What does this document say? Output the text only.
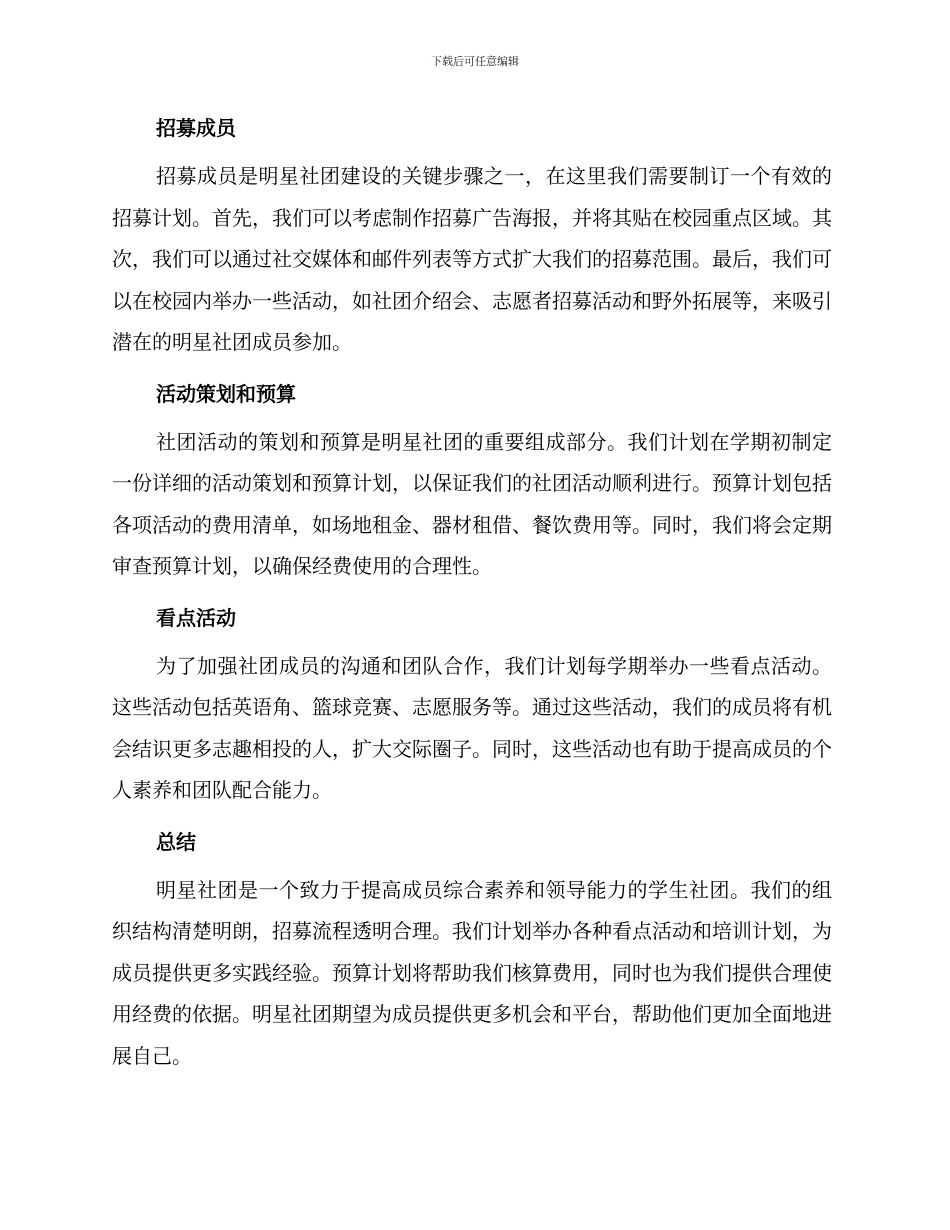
下载后可任意编辑
招募成员

招募成员是明星社团建设的关键步骤之一，在这里我们需要制订一个有效的招募计划。首先，我们可以考虑制作招募广告海报，并将其贴在校园重点区域。其次，我们可以通过社交媒体和邮件列表等方式扩大我们的招募范围。最后，我们可以在校园内举办一些活动，如社团介绍会、志愿者招募活动和野外拓展等，来吸引潜在的明星社团成员参加。

活动策划和预算

社团活动的策划和预算是明星社团的重要组成部分。我们计划在学期初制定一份详细的活动策划和预算计划，以保证我们的社团活动顺利进行。预算计划包括各项活动的费用清单，如场地租金、器材租借、餐饮费用等。同时，我们将会定期审查预算计划，以确保经费使用的合理性。

看点活动

为了加强社团成员的沟通和团队合作，我们计划每学期举办一些看点活动。这些活动包括英语角、篮球竞赛、志愿服务等。通过这些活动，我们的成员将有机会结识更多志趣相投的人，扩大交际圈子。同时，这些活动也有助于提高成员的个人素养和团队配合能力。

总结

明星社团是一个致力于提高成员综合素养和领导能力的学生社团。我们的组织结构清楚明朗，招募流程透明合理。我们计划举办各种看点活动和培训计划，为成员提供更多实践经验。预算计划将帮助我们核算费用，同时也为我们提供合理使用经费的依据。明星社团期望为成员提供更多机会和平台，帮助他们更加全面地进展自己。
